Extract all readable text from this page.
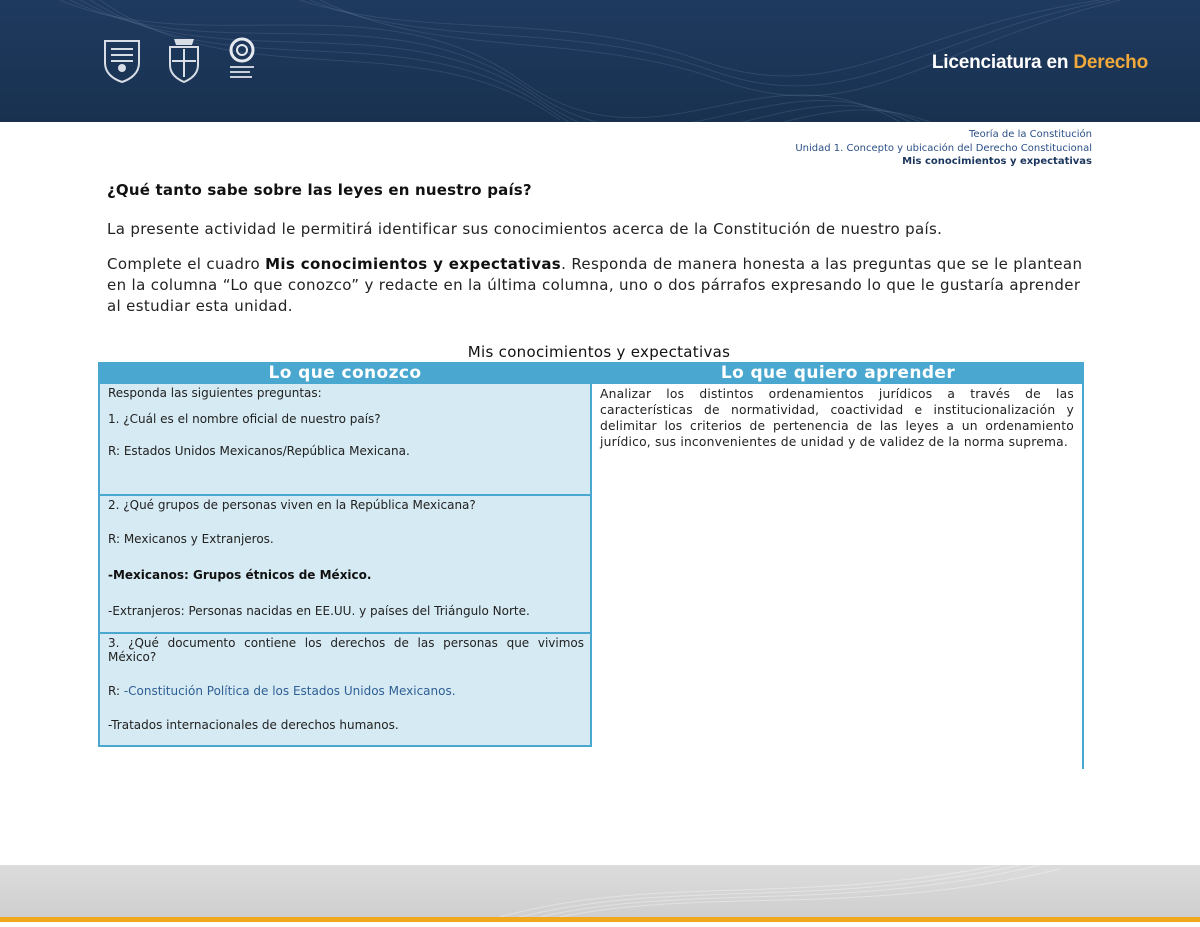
Licenciatura en Derecho
Teoría de la Constitución
Unidad 1. Concepto y ubicación del Derecho Constitucional
Mis conocimientos y expectativas
¿Qué tanto sabe sobre las leyes en nuestro país?

La presente actividad le permitirá identificar sus conocimientos acerca de la Constitución de nuestro país.

Complete el cuadro Mis conocimientos y expectativas. Responda de manera honesta a las preguntas que se le plantean en la columna “Lo que conozco” y redacte en la última columna, uno o dos párrafos expresando lo que le gustaría aprender al estudiar esta unidad.

Mis conocimientos y expectativas
Lo que conozco	Lo que quiero aprender

Responda las siguientes preguntas:

1. ¿Cuál es el nombre oficial de nuestro país?

R: Estados Unidos Mexicanos/República Mexicana.

2. ¿Qué grupos de personas viven en la República Mexicana?

R: Mexicanos y Extranjeros.

-Mexicanos: Grupos étnicos de México.

-Extranjeros: Personas nacidas en EE.UU. y países del Triángulo Norte.

3. ¿Qué documento contiene los derechos de las personas que vivimos México?

R: -Constitución Política de los Estados Unidos Mexicanos.

-Tratados internacionales de derechos humanos.

Analizar los distintos ordenamientos jurídicos a través de las características de normatividad, coactividad e institucionalización y delimitar los criterios de pertenencia de las leyes a un ordenamiento jurídico, sus inconvenientes de unidad y de validez de la norma suprema.
